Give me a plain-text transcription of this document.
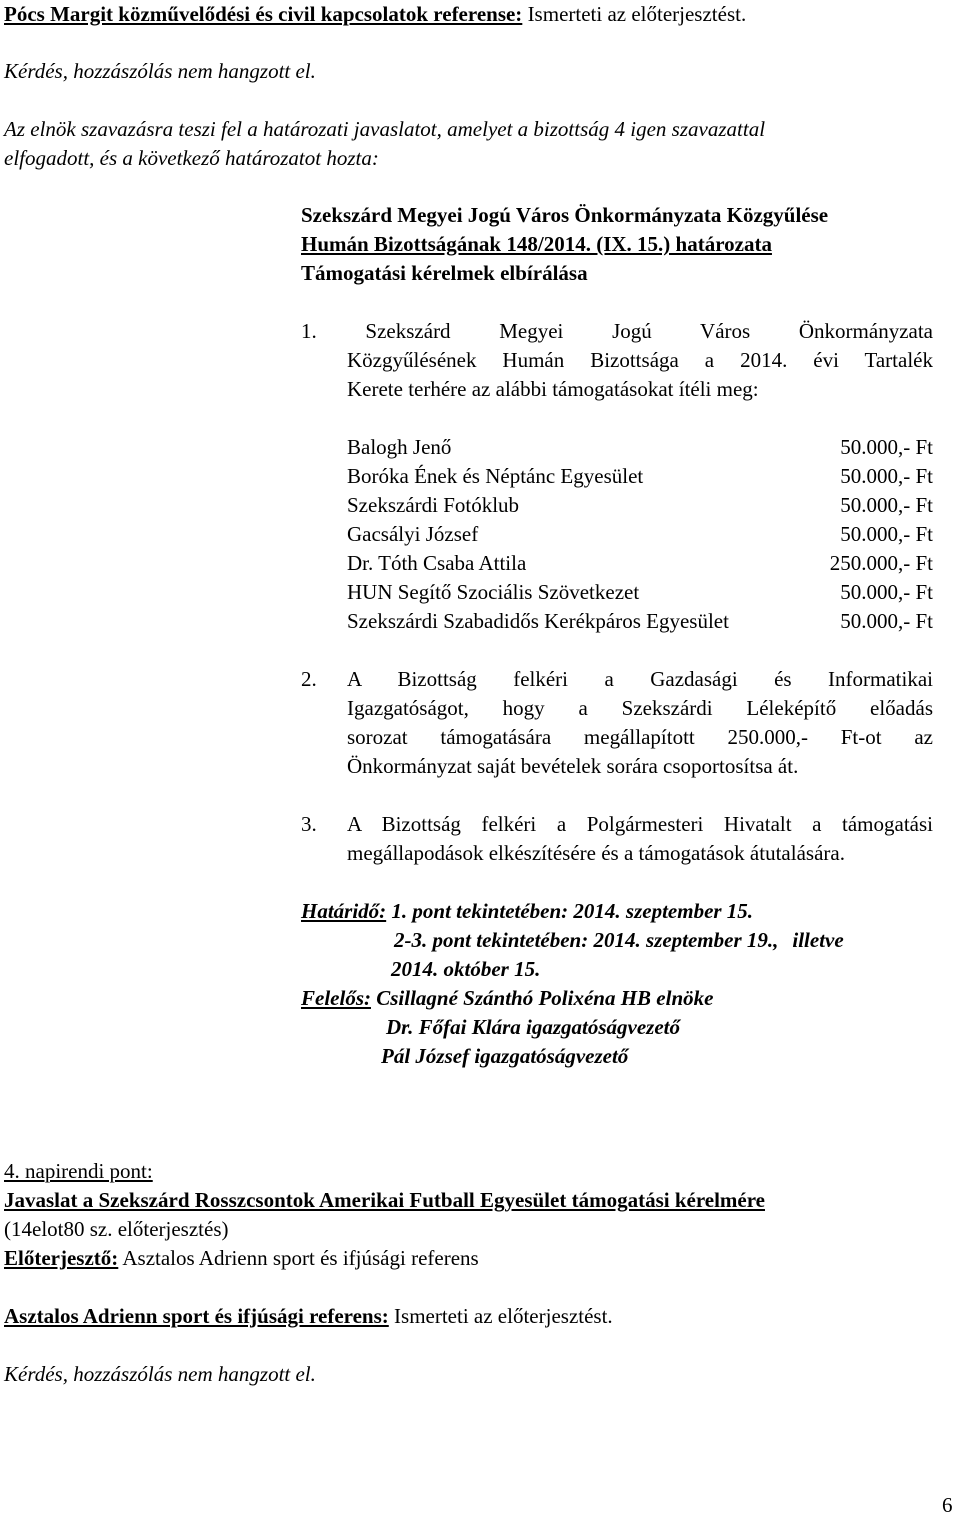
Pócs Margit közművelődési és civil kapcsolatok referense: Ismerteti az előterjesztést.
Kérdés, hozzászólás nem hangzott el.
Az elnök szavazásra teszi fel a határozati javaslatot, amelyet a bizottság 4 igen szavazattal
elfogadott, és a következő határozatot hozta:
Szekszárd Megyei Jogú Város Önkormányzata Közgyűlése
Humán Bizottságának 148/2014. (IX. 15.) határozata
Támogatási kérelmek elbírálása
1. Szekszárd Megyei Jogú Város Önkormányzata
Közgyűlésének Humán Bizottsága a 2014. évi Tartalék
Kerete terhére az alábbi támogatásokat ítéli meg:
Balogh Jenő	50.000,- Ft
Boróka Ének és Néptánc Egyesület	50.000,- Ft
Szekszárdi Fotóklub	50.000,- Ft
Gacsályi József	50.000,- Ft
Dr. Tóth Csaba Attila	250.000,- Ft
HUN Segítő Szociális Szövetkezet	50.000,- Ft
Szekszárdi Szabadidős Kerékpáros Egyesület	50.000,- Ft
2. A Bizottság felkéri a Gazdasági és Informatikai
Igazgatóságot, hogy a Szekszárdi Léleképítő előadás
sorozat támogatására megállapított 250.000,- Ft-ot az
Önkormányzat saját bevételek sorára csoportosítsa át.
3. A Bizottság felkéri a Polgármesteri Hivatalt a támogatási
megállapodások elkészítésére és a támogatások átutalására.
Határidő: 1. pont tekintetében: 2014. szeptember 15.
2-3. pont tekintetében: 2014. szeptember 19., illetve
2014. október 15.
Felelős: Csillagné Szánthó Polixéna HB elnöke
Dr. Főfai Klára igazgatóságvezető
Pál József igazgatóságvezető
4. napirendi pont:
Javaslat a Szekszárd Rosszcsontok Amerikai Futball Egyesület támogatási kérelmére
(14elot80 sz. előterjesztés)
Előterjesztő: Asztalos Adrienn sport és ifjúsági referens
Asztalos Adrienn sport és ifjúsági referens: Ismerteti az előterjesztést.
Kérdés, hozzászólás nem hangzott el.
6
